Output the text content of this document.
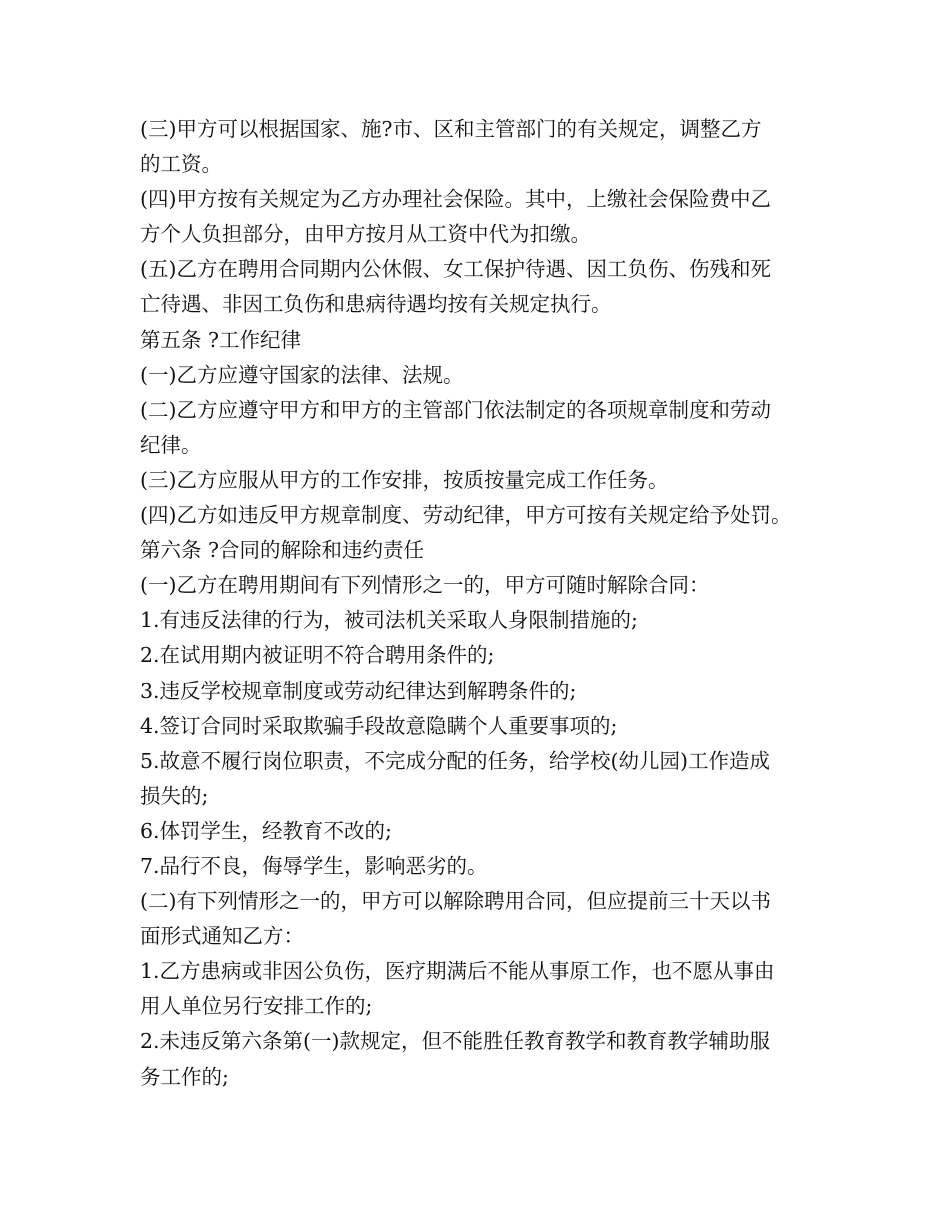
(三)甲方可以根据国家、施?市、区和主管部门的有关规定，调整乙方
的工资。
(四)甲方按有关规定为乙方办理社会保险。其中，上缴社会保险费中乙
方个人负担部分，由甲方按月从工资中代为扣缴。
(五)乙方在聘用合同期内公休假、女工保护待遇、因工负伤、伤残和死
亡待遇、非因工负伤和患病待遇均按有关规定执行。
第五条 ?工作纪律
(一)乙方应遵守国家的法律、法规。
(二)乙方应遵守甲方和甲方的主管部门依法制定的各项规章制度和劳动
纪律。
(三)乙方应服从甲方的工作安排，按质按量完成工作任务。
(四)乙方如违反甲方规章制度、劳动纪律，甲方可按有关规定给予处罚。
第六条 ?合同的解除和违约责任
(一)乙方在聘用期间有下列情形之一的，甲方可随时解除合同：
1.有违反法律的行为，被司法机关采取人身限制措施的;
2.在试用期内被证明不符合聘用条件的;
3.违反学校规章制度或劳动纪律达到解聘条件的;
4.签订合同时采取欺骗手段故意隐瞒个人重要事项的;
5.故意不履行岗位职责，不完成分配的任务，给学校(幼儿园)工作造成
损失的;
6.体罚学生，经教育不改的;
7.品行不良，侮辱学生，影响恶劣的。
(二)有下列情形之一的，甲方可以解除聘用合同，但应提前三十天以书
面形式通知乙方：
1.乙方患病或非因公负伤，医疗期满后不能从事原工作，也不愿从事由
用人单位另行安排工作的;
2.未违反第六条第(一)款规定，但不能胜任教育教学和教育教学辅助服
务工作的;
